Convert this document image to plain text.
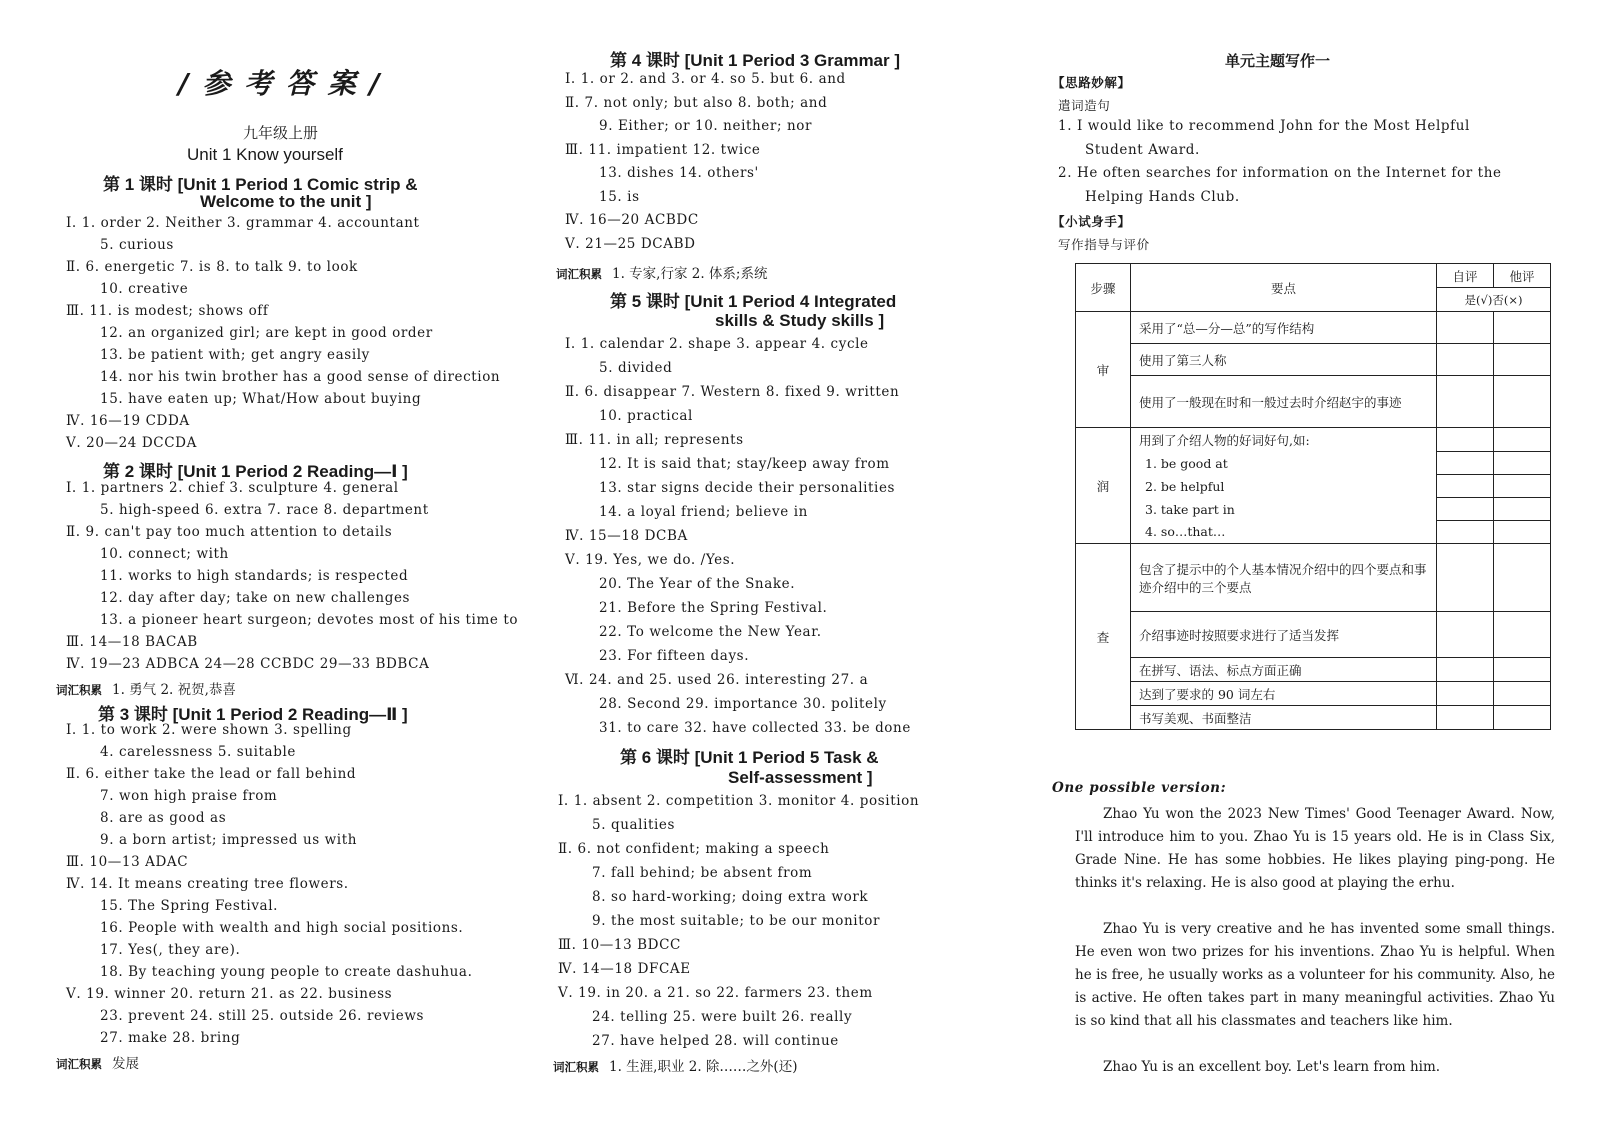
/ 参 考 答 案 /
九年级上册
Unit 1 Know yourself
第 1 课时 [Unit 1 Period 1 Comic strip &
Welcome to the unit ]
Ⅰ. 1. order 2. Neither 3. grammar 4. accountant
5. curious
Ⅱ. 6. energetic 7. is 8. to talk 9. to look
10. creative
Ⅲ. 11. is modest; shows off
12. an organized girl; are kept in good order
13. be patient with; get angry easily
14. nor his twin brother has a good sense of direction
15. have eaten up; What/How about buying
Ⅳ. 16—19 CDDA
Ⅴ. 20—24 DCCDA
第 2 课时 [Unit 1 Period 2 Reading—Ⅰ ]
Ⅰ. 1. partners 2. chief 3. sculpture 4. general
5. high-speed 6. extra 7. race 8. department
Ⅱ. 9. can't pay too much attention to details
10. connect; with
11. works to high standards; is respected
12. day after day; take on new challenges
13. a pioneer heart surgeon; devotes most of his time to
Ⅲ. 14—18 BACAB
Ⅳ. 19—23 ADBCA 24—28 CCBDC 29—33 BDBCA
词汇积累 1. 勇气 2. 祝贺,恭喜
第 3 课时 [Unit 1 Period 2 Reading—Ⅱ ]
Ⅰ. 1. to work 2. were shown 3. spelling
4. carelessness 5. suitable
Ⅱ. 6. either take the lead or fall behind
7. won high praise from
8. are as good as
9. a born artist; impressed us with
Ⅲ. 10—13 ADAC
Ⅳ. 14. It means creating tree flowers.
15. The Spring Festival.
16. People with wealth and high social positions.
17. Yes(, they are).
18. By teaching young people to create dashuhua.
Ⅴ. 19. winner 20. return 21. as 22. business
23. prevent 24. still 25. outside 26. reviews
27. make 28. bring
词汇积累 发展
第 4 课时 [Unit 1 Period 3 Grammar ]
Ⅰ. 1. or 2. and 3. or 4. so 5. but 6. and
Ⅱ. 7. not only; but also 8. both; and
9. Either; or 10. neither; nor
Ⅲ. 11. impatient 12. twice
13. dishes 14. others'
15. is
Ⅳ. 16—20 ACBDC
Ⅴ. 21—25 DCABD
词汇积累 1. 专家,行家 2. 体系;系统
第 5 课时 [Unit 1 Period 4 Integrated
skills & Study skills ]
Ⅰ. 1. calendar 2. shape 3. appear 4. cycle
5. divided
Ⅱ. 6. disappear 7. Western 8. fixed 9. written
10. practical
Ⅲ. 11. in all; represents
12. It is said that; stay/keep away from
13. star signs decide their personalities
14. a loyal friend; believe in
Ⅳ. 15—18 DCBA
Ⅴ. 19. Yes, we do. /Yes.
20. The Year of the Snake.
21. Before the Spring Festival.
22. To welcome the New Year.
23. For fifteen days.
Ⅵ. 24. and 25. used 26. interesting 27. a
28. Second 29. importance 30. politely
31. to care 32. have collected 33. be done
第 6 课时 [Unit 1 Period 5 Task &
Self-assessment ]
Ⅰ. 1. absent 2. competition 3. monitor 4. position
5. qualities
Ⅱ. 6. not confident; making a speech
7. fall behind; be absent from
8. so hard-working; doing extra work
9. the most suitable; to be our monitor
Ⅲ. 10—13 BDCC
Ⅳ. 14—18 DFCAE
Ⅴ. 19. in 20. a 21. so 22. farmers 23. them
24. telling 25. were built 26. really
27. have helped 28. will continue
词汇积累 1. 生涯,职业 2. 除……之外(还)
单元主题写作一
【思路妙解】
遣词造句
1. I would like to recommend John for the Most Helpful
Student Award.
2. He often searches for information on the Internet for the
Helping Hands Club.
【小试身手】
写作指导与评价
步骤	要点	自评	他评
		是(√)否(×)	
审	采用了“总—分—总”的写作结构		
	使用了第三人称		
	使用了一般现在时和一般过去时介绍赵宇的事迹		
润	用到了介绍人物的好词好句,如:		
	1. be good at		
	2. be helpful		
	3. take part in		
	4. so…that…		
查	包含了提示中的个人基本情况介绍中的四个要点和事迹介绍中的三个要点		
	介绍事迹时按照要求进行了适当发挥		
	在拼写、语法、标点方面正确		
	达到了要求的 90 词左右		
	书写美观、书面整洁		
One possible version:
Zhao Yu won the 2023 New Times' Good Teenager Award. Now, I'll introduce him to you. Zhao Yu is 15 years old. He is in Class Six, Grade Nine. He has some hobbies. He likes playing ping-pong. He thinks it's relaxing. He is also good at playing the erhu.
Zhao Yu is very creative and he has invented some small things. He even won two prizes for his inventions. Zhao Yu is helpful. When he is free, he usually works as a volunteer for his community. Also, he is active. He often takes part in many meaningful activities. Zhao Yu is so kind that all his classmates and teachers like him.
Zhao Yu is an excellent boy. Let's learn from him.
